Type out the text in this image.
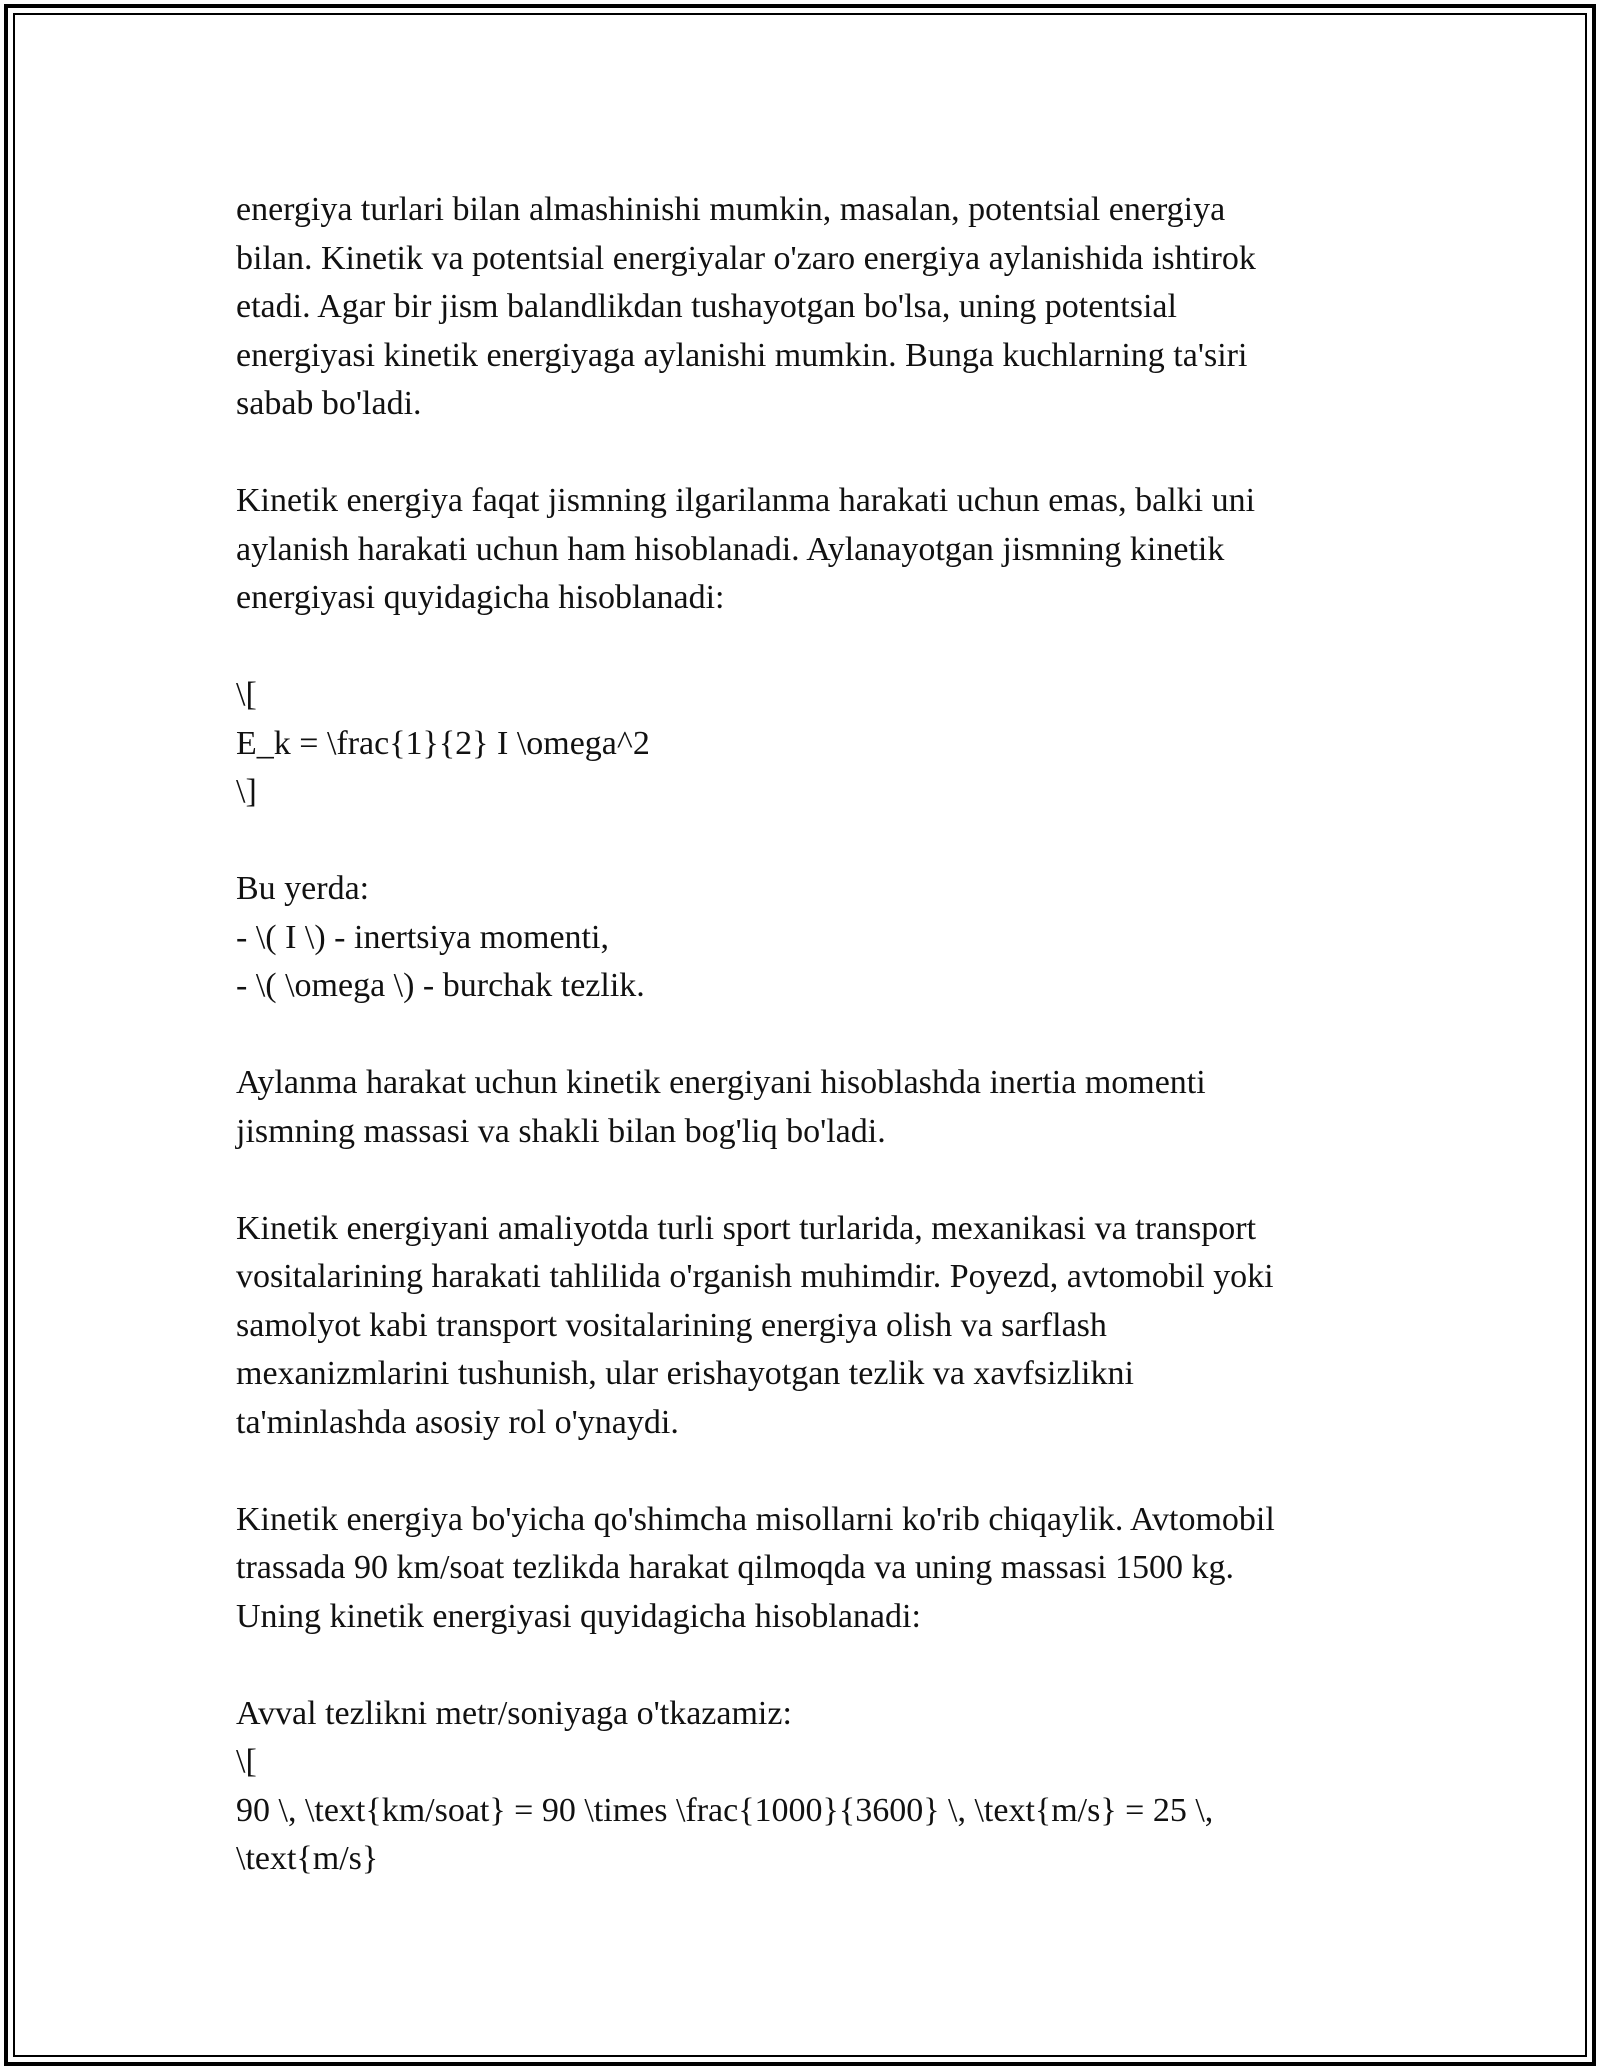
energiya turlari bilan almashinishi mumkin, masalan, potentsial energiya
bilan. Kinetik va potentsial energiyalar o'zaro energiya aylanishida ishtirok
etadi. Agar bir jism balandlikdan tushayotgan bo'lsa, uning potentsial
energiyasi kinetik energiyaga aylanishi mumkin. Bunga kuchlarning ta'siri
sabab bo'ladi.

Kinetik energiya faqat jismning ilgarilanma harakati uchun emas, balki uni
aylanish harakati uchun ham hisoblanadi. Aylanayotgan jismning kinetik
energiyasi quyidagicha hisoblanadi:

\[
E_k = \frac{1}{2} I \omega^2
\]

Bu yerda:
- \( I \) - inertsiya momenti,
- \( \omega \) - burchak tezlik.

Aylanma harakat uchun kinetik energiyani hisoblashda inertia momenti
jismning massasi va shakli bilan bog'liq bo'ladi.

Kinetik energiyani amaliyotda turli sport turlarida, mexanikasi va transport
vositalarining harakati tahlilida o'rganish muhimdir. Poyezd, avtomobil yoki
samolyot kabi transport vositalarining energiya olish va sarflash
mexanizmlarini tushunish, ular erishayotgan tezlik va xavfsizlikni
ta'minlashda asosiy rol o'ynaydi.

Kinetik energiya bo'yicha qo'shimcha misollarni ko'rib chiqaylik. Avtomobil
trassada 90 km/soat tezlikda harakat qilmoqda va uning massasi 1500 kg.
Uning kinetik energiyasi quyidagicha hisoblanadi:

Avval tezlikni metr/soniyaga o'tkazamiz:
\[
90 \, \text{km/soat} = 90 \times \frac{1000}{3600} \, \text{m/s} = 25 \,
\text{m/s}
